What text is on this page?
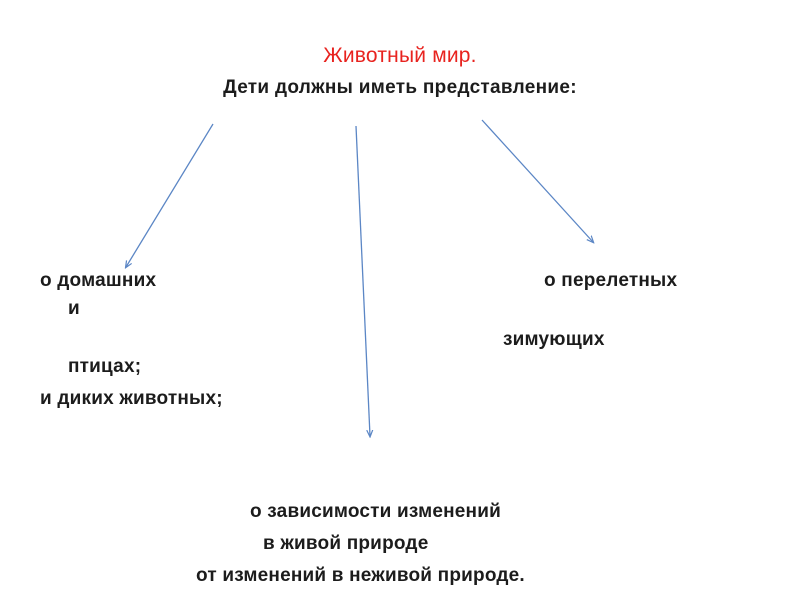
Животный мир.
Дети должны иметь представление:
о домашних
и
птицах;
и диких животных;
о перелетных
зимующих
о зависимости изменений
в живой природе
от изменений в неживой природе.
